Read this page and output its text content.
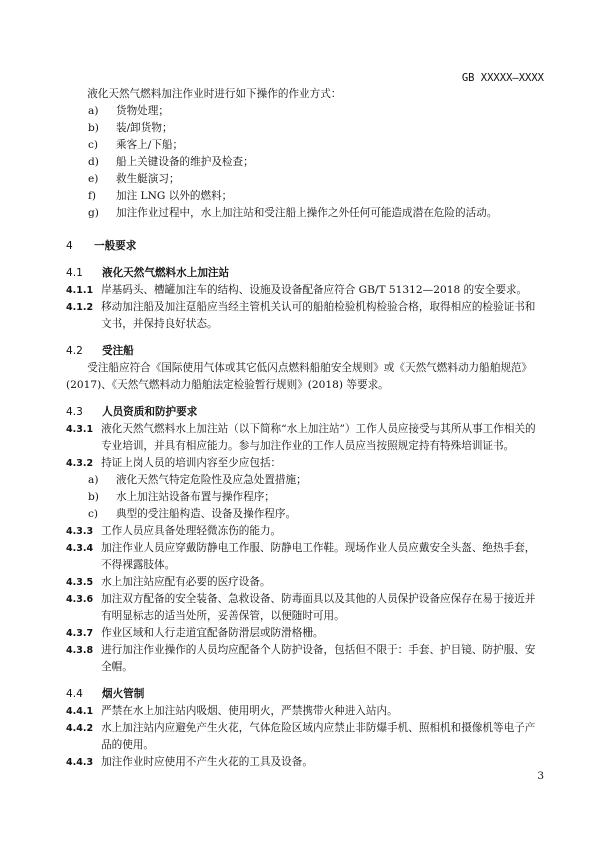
GB XXXXX—XXXX
液化天然气燃料加注作业时进行如下操作的作业方式：
a)	货物处理；
b)	装/卸货物；
c)	乘客上/下船；
d)	船上关键设备的维护及检查；
e)	救生艇演习；
f)	加注 LNG 以外的燃料；
g)	加注作业过程中，水上加注站和受注船上操作之外任何可能造成潜在危险的活动。
4	一般要求
4.1	液化天然气燃料水上加注站
4.1.1 岸基码头、槽罐加注车的结构、设施及设备配备应符合 GB/T 51312—2018 的安全要求。
4.1.2 移动加注船及加注趸船应当经主管机关认可的船舶检验机构检验合格，取得相应的检验证书和文书，并保持良好状态。
4.2	受注船
受注船应符合《国际使用气体或其它低闪点燃料船舶安全规则》或《天然气燃料动力船舶规范》(2017)、《天然气燃料动力船舶法定检验暂行规则》(2018) 等要求。
4.3	人员资质和防护要求
4.3.1 液化天然气燃料水上加注站（以下简称“水上加注站”）工作人员应接受与其所从事工作相关的专业培训，并具有相应能力。参与加注作业的工作人员应当按照规定持有特殊培训证书。
4.3.2 持证上岗人员的培训内容至少应包括：
a)	液化天然气特定危险性及应急处置措施；
b)	水上加注站设备布置与操作程序；
c)	典型的受注船构造、设备及操作程序。
4.3.3 工作人员应具备处理轻微冻伤的能力。
4.3.4 加注作业人员应穿戴防静电工作服、防静电工作鞋。现场作业人员应戴安全头盔、绝热手套，不得裸露肢体。
4.3.5 水上加注站应配有必要的医疗设备。
4.3.6 加注双方配备的安全装备、急救设备、防毒面具以及其他的人员保护设备应保存在易于接近并有明显标志的适当处所，妥善保管，以便随时可用。
4.3.7 作业区域和人行走道宜配备防滑层或防滑格栅。
4.3.8 进行加注作业操作的人员均应配备个人防护设备，包括但不限于：手套、护目镜、防护服、安全帽。
4.4	烟火管制
4.4.1 严禁在水上加注站内吸烟、使用明火，严禁携带火种进入站内。
4.4.2 水上加注站内应避免产生火花，气体危险区域内应禁止非防爆手机、照相机和摄像机等电子产品的使用。
4.4.3 加注作业时应使用不产生火花的工具及设备。
3
